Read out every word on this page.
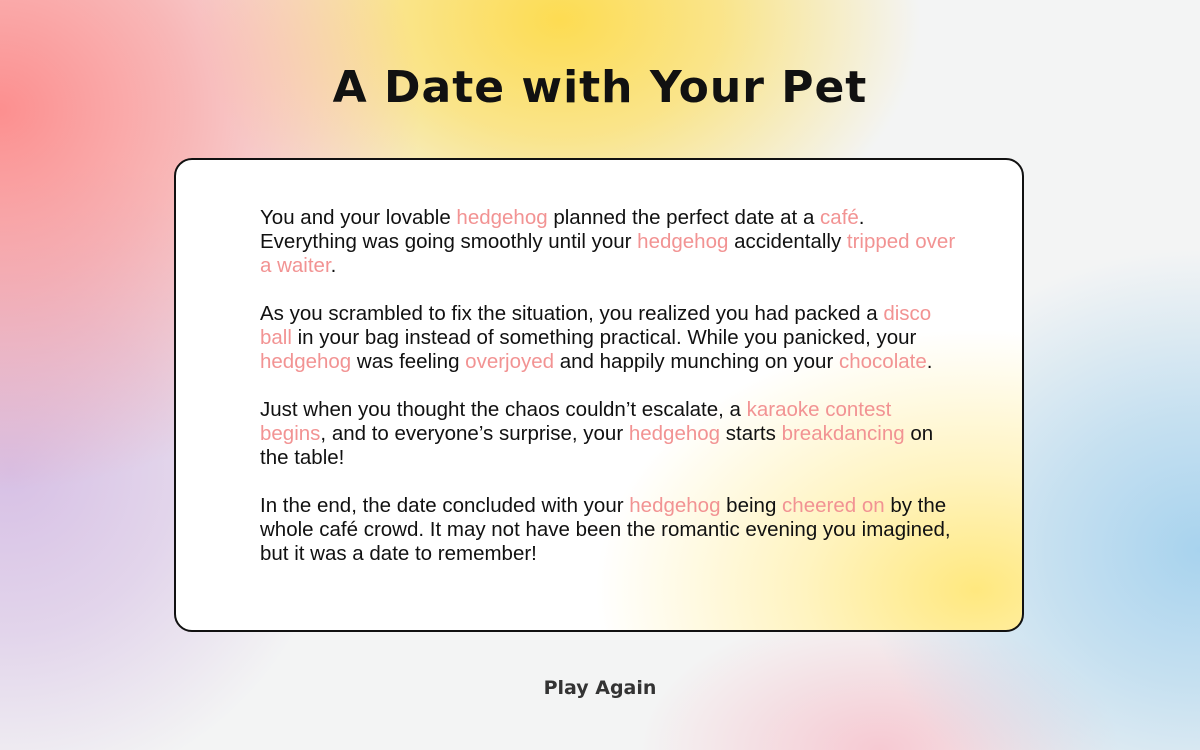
A Date with Your Pet

You and your lovable hedgehog planned the perfect date at a café. Everything was going smoothly until your hedgehog accidentally tripped over a waiter.

As you scrambled to fix the situation, you realized you had packed a disco ball in your bag instead of something practical. While you panicked, your hedgehog was feeling overjoyed and happily munching on your chocolate.

Just when you thought the chaos couldn’t escalate, a karaoke contest begins, and to everyone’s surprise, your hedgehog starts breakdancing on the table!

In the end, the date concluded with your hedgehog being cheered on by the whole café crowd. It may not have been the romantic evening you imagined, but it was a date to remember!

Play Again
